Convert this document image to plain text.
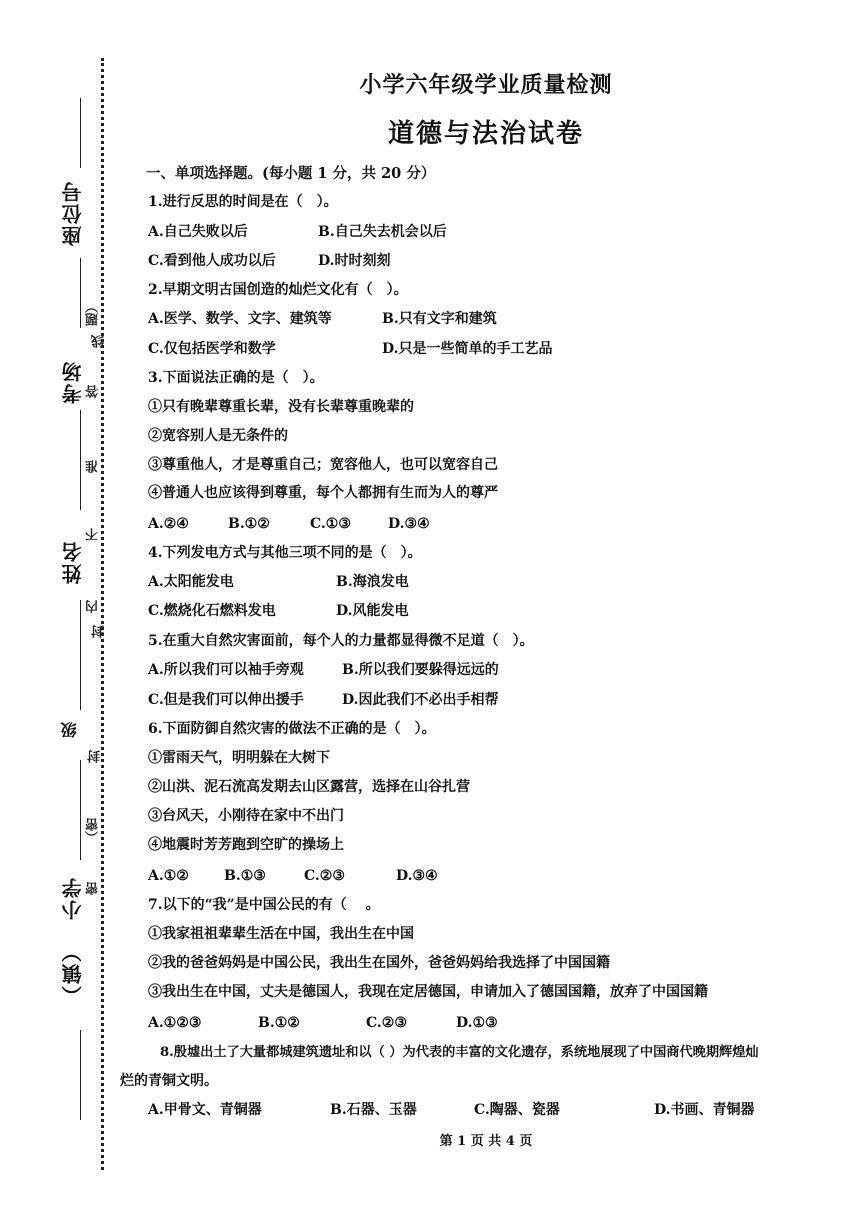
座位号
考场
姓名
级
小学
（镇）
题）
线
答
准
不
内
封
封
（密
密
小学六年级学业质量检测
道德与法治试卷
一、单项选择题。(每小题 1 分，共 20 分）
1.进行反思的时间是在（　）。
A.自己失败以后	B.自己失去机会以后
C.看到他人成功以后	D.时时刻刻
2.早期文明古国创造的灿烂文化有（　）。
A.医学、数学、文字、建筑等	B.只有文字和建筑
C.仅包括医学和数学	D.只是一些简单的手工艺品
3.下面说法正确的是（　）。
①只有晚辈尊重长辈，没有长辈尊重晚辈的
②宽容别人是无条件的
③尊重他人，才是尊重自己；宽容他人，也可以宽容自己
④普通人也应该得到尊重，每个人都拥有生而为人的尊严
A.②④	B.①②	C.①③	D.③④
4.下列发电方式与其他三项不同的是（　）。
A.太阳能发电	B.海浪发电
C.燃烧化石燃料发电	D.风能发电
5.在重大自然灾害面前，每个人的力量都显得微不足道（　）。
A.所以我们可以袖手旁观	B.所以我们要躲得远远的
C.但是我们可以伸出援手	D.因此我们不必出手相帮
6.下面防御自然灾害的做法不正确的是（　）。
①雷雨天气，明明躲在大树下
②山洪、泥石流高发期去山区露营，选择在山谷扎营
③台风天，小刚待在家中不出门
④地震时芳芳跑到空旷的操场上
A.①②	B.①③	C.②③	D.③④
7.以下的“我”是中国公民的有（　 。
①我家祖祖辈辈生活在中国，我出生在中国
②我的爸爸妈妈是中国公民，我出生在国外，爸爸妈妈给我选择了中国国籍
③我出生在中国，丈夫是德国人，我现在定居德国，申请加入了德国国籍，放弃了中国国籍
A.①②③	B.①②	C.②③	D.①③
8.殷墟出土了大量都城建筑遗址和以（ ）为代表的丰富的文化遗存，系统地展现了中国商代晚期辉煌灿
烂的青铜文明。
A.甲骨文、青铜器	B.石器、玉器	C.陶器、瓷器	D.书画、青铜器
第 1 页 共 4 页
